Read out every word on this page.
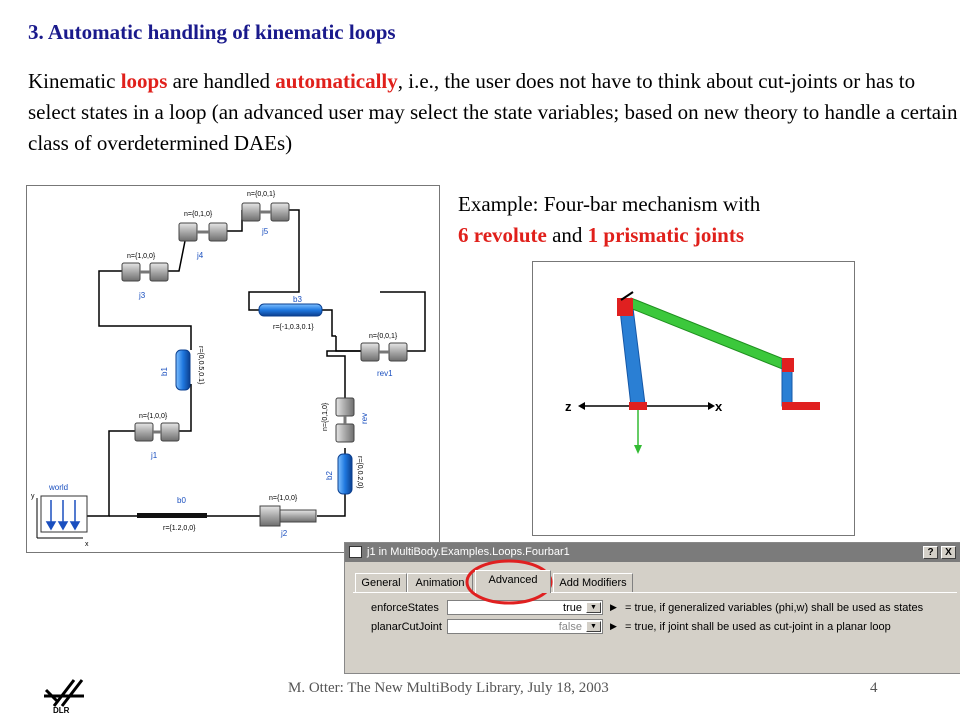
3. Automatic handling of kinematic loops
Kinematic loops are handled automatically, i.e., the user does not have to think about cut-joints or has to select states in a loop (an advanced user may select the state variables; based on new theory to handle a certain class of overdetermined DAEs)
Example: Four-bar mechanism with
6 revolute and 1 prismatic joints
n={0,0,1}
j5
n={0,1,0}
j4
n={1,0,0}
j3	b3
r={-1,0.3,0.1}
b1	r={0,0.5,0.1}
n={0,0,1}
rev1
n={1,0,0}
j1
n={0,1,0}	rev
b2	r={0,0.2,0}
world
y
x
b0
r={1.2,0,0}
n={1,0,0}
j2
x
z
j1 in MultiBody.Examples.Loops.Fourbar1	?	X
General	Animation	Advanced	Add Modifiers
enforceStates	true	▼	▶ = true, if generalized variables (phi,w) shall be used as states
planarCutJoint	false	▼	▶ = true, if joint shall be used as cut-joint in a planar loop
DLR
M. Otter: The New MultiBody Library, July 18, 2003	4
